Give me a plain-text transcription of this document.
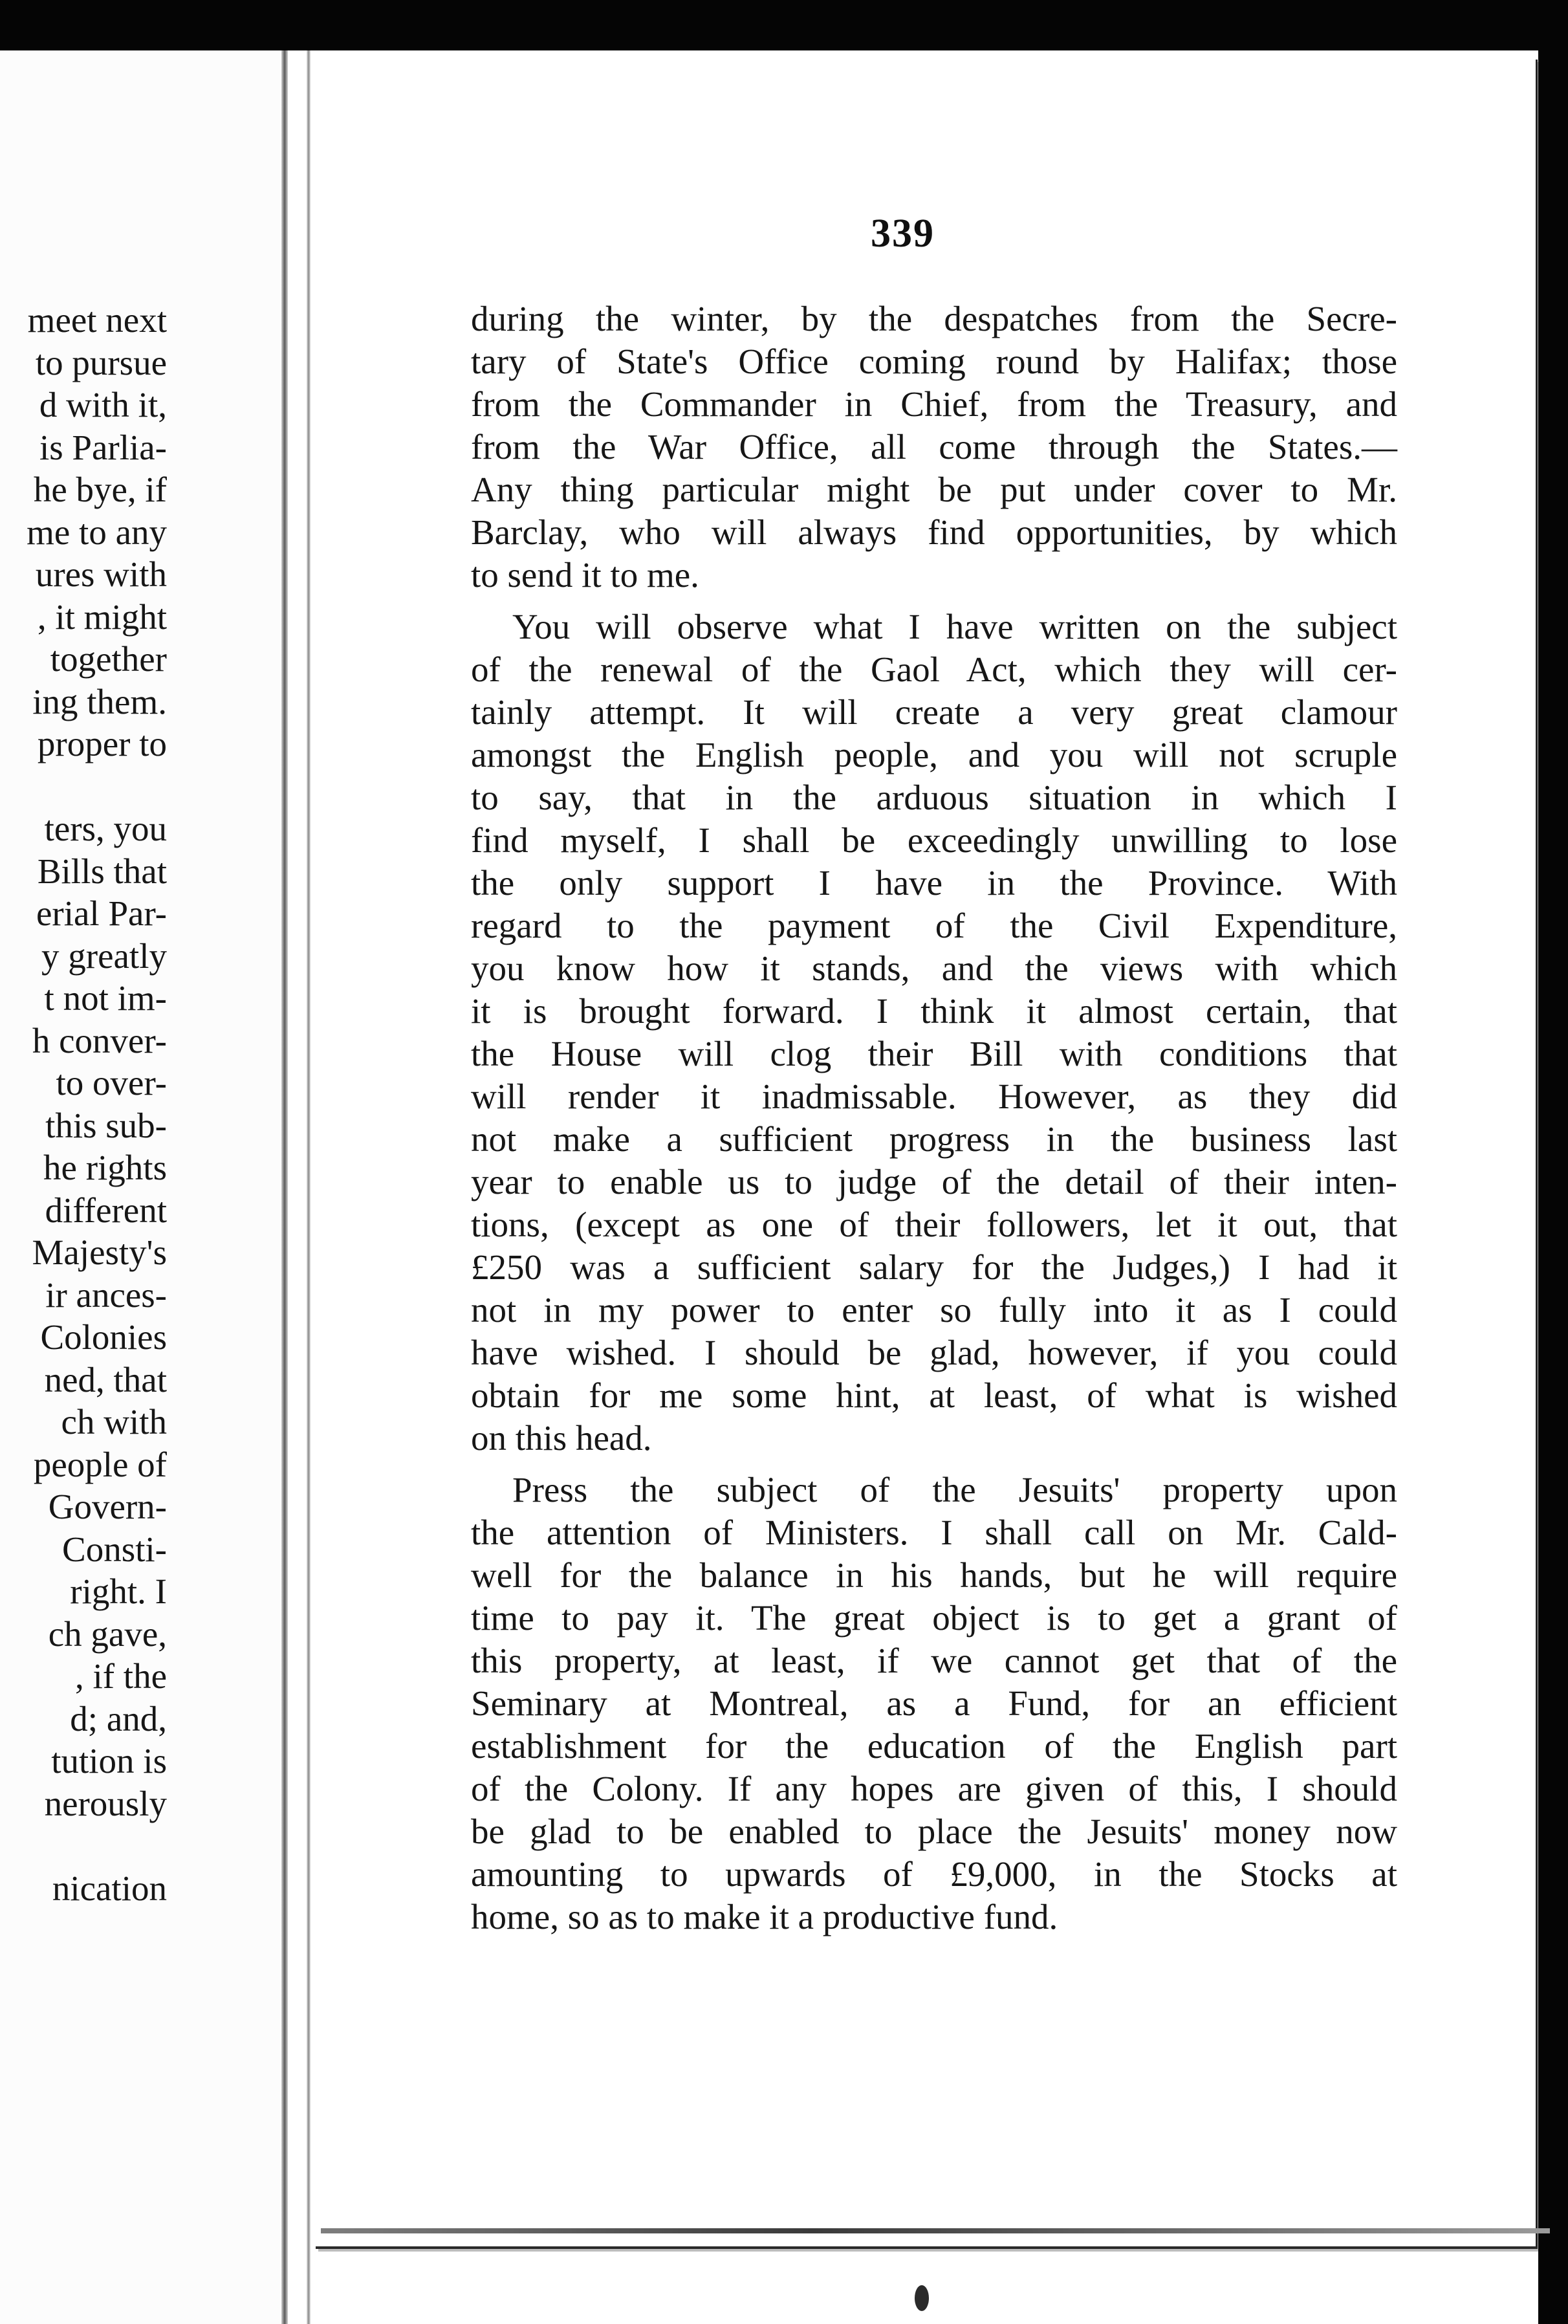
339
during the winter, by the despatches from the Secre-
tary of State's Office coming round by Halifax; those
from the Commander in Chief, from the Treasury, and
from the War Office, all come through the States.—
Any thing particular might be put under cover to Mr.
Barclay, who will always find opportunities, by which
to send it to me.
You will observe what I have written on the subject
of the renewal of the Gaol Act, which they will cer-
tainly attempt. It will create a very great clamour
amongst the English people, and you will not scruple
to say, that in the arduous situation in which I
find myself, I shall be exceedingly unwilling to lose
the only support I have in the Province. With
regard to the payment of the Civil Expenditure,
you know how it stands, and the views with which
it is brought forward. I think it almost certain, that
the House will clog their Bill with conditions that
will render it inadmissable. However, as they did
not make a sufficient progress in the business last
year to enable us to judge of the detail of their inten-
tions, (except as one of their followers, let it out, that
£250 was a sufficient salary for the Judges,) I had it
not in my power to enter so fully into it as I could
have wished. I should be glad, however, if you could
obtain for me some hint, at least, of what is wished
on this head.
Press the subject of the Jesuits' property upon
the attention of Ministers. I shall call on Mr. Cald-
well for the balance in his hands, but he will require
time to pay it. The great object is to get a grant of
this property, at least, if we cannot get that of the
Seminary at Montreal, as a Fund, for an efficient
establishment for the education of the English part
of the Colony. If any hopes are given of this, I should
be glad to be enabled to place the Jesuits' money now
amounting to upwards of £9,000, in the Stocks at
home, so as to make it a productive fund.
meet next
to pursue
d with it,
is Parlia-
he bye, if
me to any
ures with
, it might
together
ing them.
proper to
ters, you
Bills that
erial Par-
y greatly
t not im-
h conver-
to over-
this sub-
he rights
different
Majesty's
ir ances-
Colonies
ned, that
ch with
people of
Govern-
Consti-
right. I
ch gave,
, if the
d; and,
tution is
nerously
nication
